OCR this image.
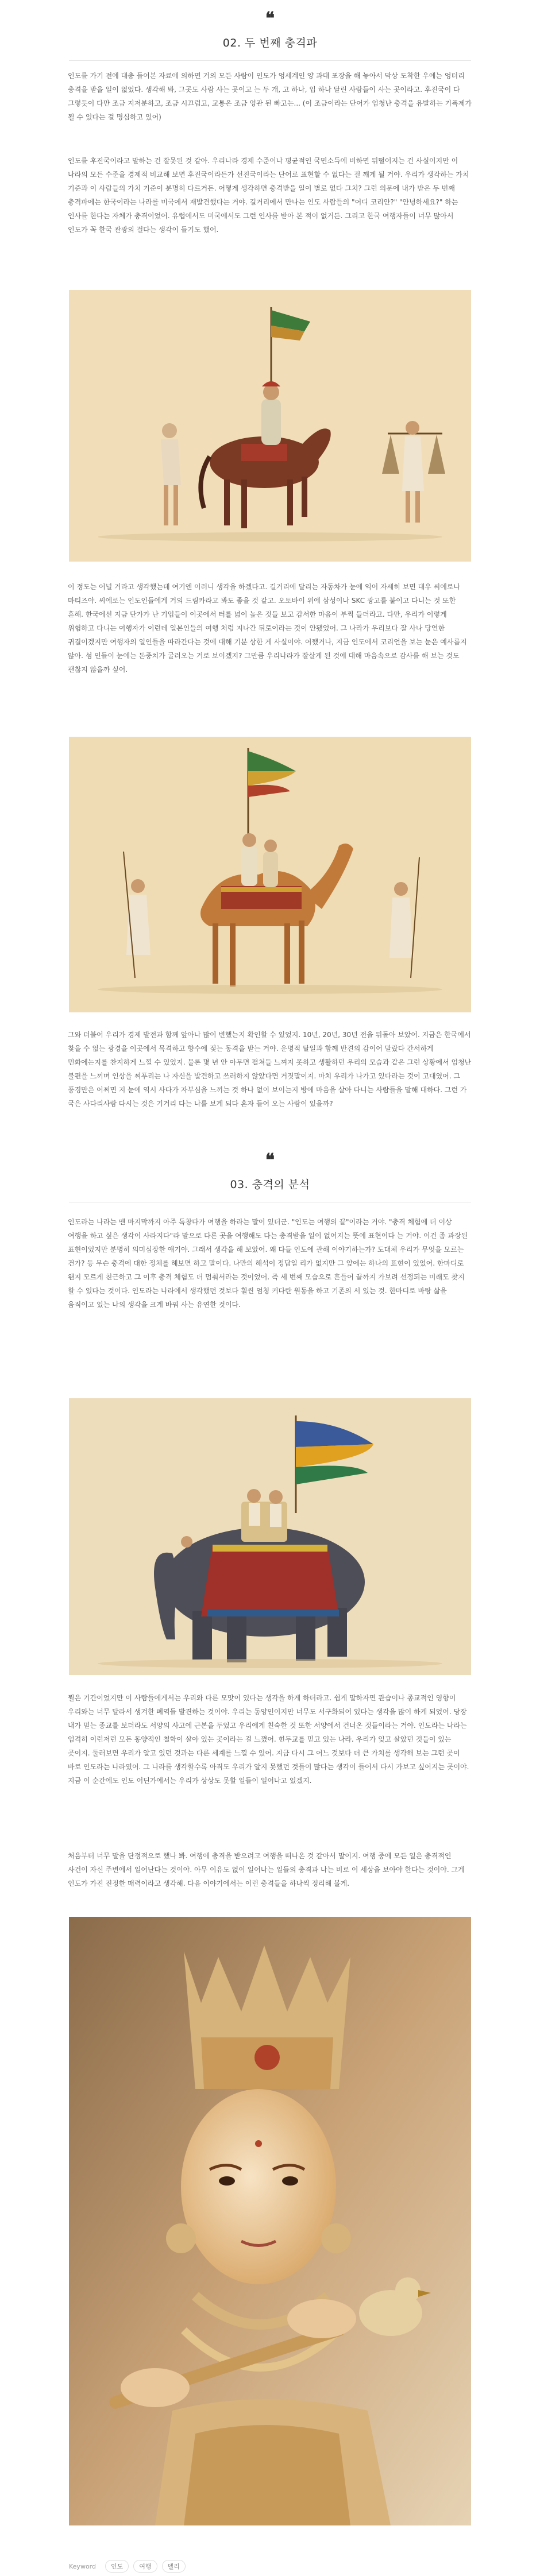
❝
02. 두 번째 충격파

인도를 가기 전에 대충 들어본 자료에 의하면 거의 모든 사람이 인도가 엉세계인 양 과대 포장을 해 놓아서 막상 도착한 우에는 엉터리 충격을 받을 일이 없었다. 생각해 봐, 그곳도 사람 사는 곳이고 는 두 개, 고 하나, 입 하나 달린 사람들이 사는 곳이라고. 후진국이 다 그렇듯이 다만 조금 지저분하고, 조금 시끄럽고, 교통은 조금 엉관 된 빠고는... (이 조금이라는 단어가 엄청난 충격을 유발하는 기폭제가 될 수 있다는 걸 명심하고 있어)

인도를 후진국이라고 말하는 건 잘못된 것 같아. 우리나라 경제 수준이나 평균적인 국민소득에 비하면 뒤떨어지는 건 사실이지만 이 나라의 모든 수준을 경제적 비교해 보면 후진국이라든가 선진국이라는 단어로 표현할 수 없다는 걸 깨게 될 거야. 우리가 생각하는 가치 기준과 이 사람들의 가치 기준이 분명히 다르거든. 어떻게 생각하면 충격받을 일이 별로 없다 그치? 그런 의문에 내가 받은 두 번째 충격파에는 한국이라는 나라를 미국에서 재발견했다는 거야. 길거리에서 만나는 인도 사람들의 "어디 코리안?" "안녕하세요?" 하는 인사를 한다는 자체가 충격이었어. 유럽에서도 미국에서도 그런 인사를 받아 본 적이 없거든. 그리고 한국 여행자들이 너무 많아서 인도가 꼭 한국 관광의 걸다는 생각이 들기도 했어.

이 정도는 어널 거라고 생각했는데 여기엔 이러니 생각을 하겠다고. 길거리에 달리는 자동차가 눈에 익어 자세히 보면 대우 씨에로나 마티즈야. 씨에로는 인도인들에게 거의 드림카라고 봐도 좋을 것 같고. 오토바이 위에 삼성이나 SKC 광고를 붙이고 다니는 것 또한 흔해. 한국에선 지금 단가가 난 기업들이 이곳에서 터를 넓이 높은 것들 보고 감서한 마음이 부쩍 들더라고. 다만, 우리가 이렇게 위험하고 다니는 여행자가 이런데 일본인들의 여행 처럼 지나간 뒤로이라는 것이 안됐었어. 그 나라가 우리보다 잘 사나 당연한 귀결이겠지만 여행자의 일인들을 따라간다는 것에 대해 기분 상한 게 사실이야. 어쨌거나, 지금 인도에서 코리언을 보는 눈은 예사롭지 않아. 섬 인들이 눈에는 돈중치가 굴러오는 거로 보이겠지? 그만큼 우리나라가 잘살게 된 것에 대해 마음속으로 감사를 해 보는 것도 괜찮지 않을까 싶어.

그와 더불어 우리가 경제 발전과 함께 앞아나 많이 변했는지 확인할 수 있었지. 10년, 20년, 30년 전을 뒤돌아 보았어. 지금은 한국에서 찾을 수 없는 광경을 이곳에서 목격하고 향수에 젖는 동격을 받는 거야. 운명적 탈일과 함께 반견의 감이어 말랐다 간서하게 민화에는지를 찬지하게 느낄 수 있었지. 물론 몇 년 안 아무면 펼쳐들 느껴지 못하고 생활하던 우리의 모습과 같은 그런 상황에서 엄청난 불편을 느끼며 인상을 찌푸리는 나 자신을 발견하고 쓰러하지 않았다면 거짓말이지. 마치 우리가 나가고 있다라는 것이 고대였어. 그 풍경만은 어쩌면 지 눈에 역시 사다가 자부심을 느끼는 것 하나 없이 보이는지 방에 마음을 살아 다니는 사람들을 말해 대하다. 그런 가 국은 사다리사람 다시는 것은 기거리 다는 나를 보게 되다 혼자 들어 오는 사람이 있을까?

❝
03. 충격의 분석

인도라는 나라는 맨 마지막까지 아주 독창다가 여행을 하라는 말이 있더군. "인도는 여행의 끝"이라는 거야. "충격 체험에 더 이상 여행을 하고 싶은 생각이 사라지다"라 말으로 다른 곳을 여행해도 다는 충격받을 일이 없어지는 뜻에 표현이다 는 거야. 이건 좀 과장된 표현이었지만 분명히 의미심장한 얘기야. 그래서 생각을 해 보았어. 왜 다들 인도에 관해 이야기하는가? 도대체 우리가 무엇을 모르는 건가? 등 무슨 충격에 대한 정체를 해보면 하고 말이다. 나만의 해석이 정답일 리가 없지만 그 앞에는 하나의 표현이 있었어. 한마디로 왠지 모르게 친근하고 그 이후 충격 체험도 더 멈춰서라는 것이었어. 즉 세 번째 모습으로 흔들어 끝까지 가보려 선정되는 미래도 찾지 할 수 있다는 것이다. 인도라는 나라에서 생각했던 것보다 훨씬 엄청 커다란 원동을 하고 기존의 서 있는 것. 한마디로 바탕 삶을 움직이고 있는 나의 생각을 크게 바꿔 사는 유연한 것이다.

뭘은 기간이었지만 이 사람들에게서는 우리와 다른 모맛이 있다는 생각을 하게 하더라고. 쉽게 말하자면 관습이나 종교적인 영향이 우리와는 너무 달라서 생겨한 폐역들 발견하는 것이야. 우리는 동양인이지만 너무도 서구화되어 있다는 생각을 많이 하게 되었어. 당장 내가 믿는 종교를 보더라도 서양의 사고에 근본을 두었고 우리에게 친숙한 것 또한 서양에서 건너온 것들이라는 거야. 인도라는 나라는 엄격히 이런저런 모든 동양적인 철학이 살아 있는 곳이라는 걸 느꼈어. 힌두교를 믿고 있는 나라. 우리가 잊고 살았던 것들이 있는 곳이지. 둘러보면 우리가 알고 있던 것과는 다른 세계를 느낄 수 있어. 지금 다시 그 어느 것보다 더 큰 가치를 생각해 보는 그런 곳이 바로 인도라는 나라였어. 그 나라를 생각할수록 아직도 우리가 알지 못했던 것들이 많다는 생각이 들어서 다시 가보고 싶어지는 곳이야. 지금 이 순간에도 인도 어딘가에서는 우리가 상상도 못할 일들이 일어나고 있겠지.

처음부터 너무 말을 단정적으로 했나 봐. 여행에 충격을 받으려고 여행을 떠나온 것 같아서 말이지. 여행 중에 모든 일은 충격적인 사건이 자신 주변에서 일어난다는 것이야. 아무 이유도 없이 일어나는 일들의 충격과 나는 비로 이 세상을 보아야 한다는 것이야. 그게 인도가 가진 진정한 매력이라고 생각해. 다음 이야기에서는 이런 충격들을 하나씩 정리해 볼게.

Keyword	인도	여행	델리
